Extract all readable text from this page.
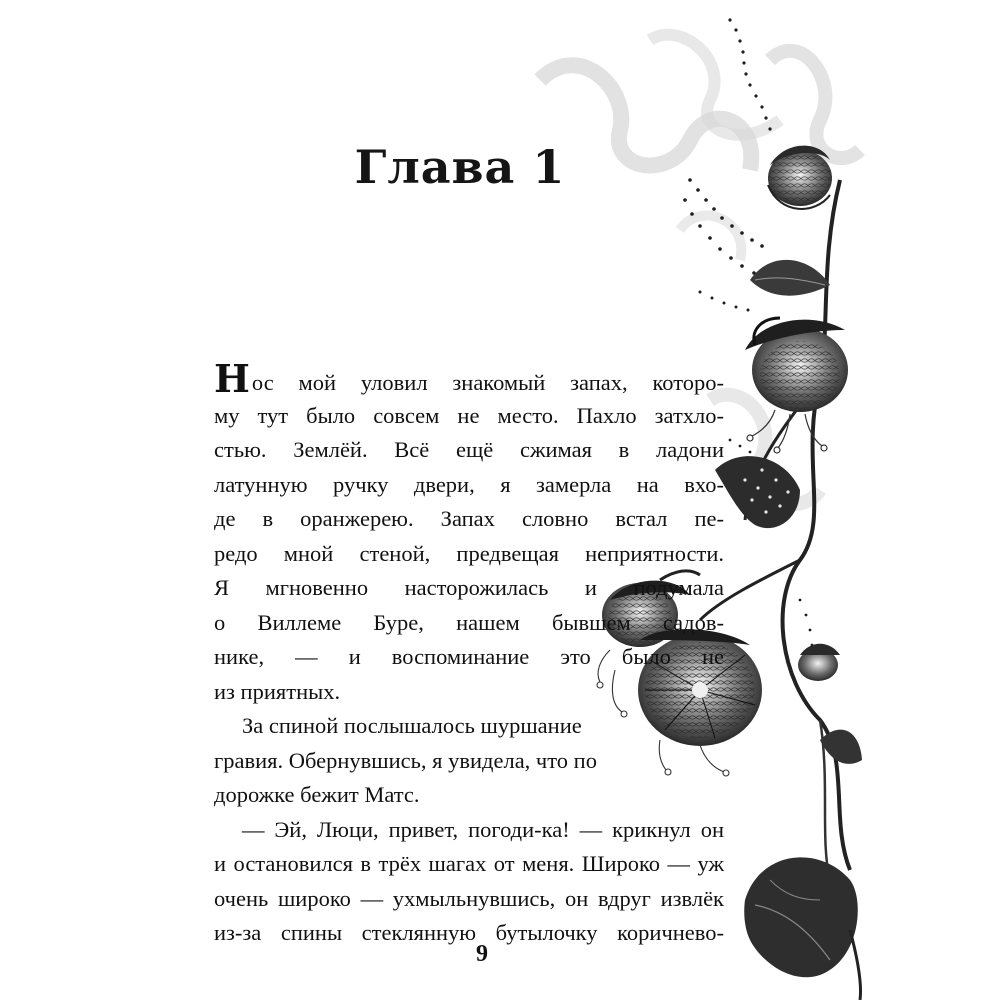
Глава 1
Нос мой уловил знакомый запах, которо-
му тут было совсем не место. Пахло затхло-
стью. Землёй. Всё ещё сжимая в ладони
латунную ручку двери, я замерла на вхо-
де в оранжерею. Запах словно встал пе-
редо мной стеной, предвещая неприятности.
Я мгновенно насторожилась и подумала
о Виллеме Буре, нашем бывшем садов-
нике, — и воспоминание это было не
из приятных.
За спиной послышалось шуршание
гравия. Обернувшись, я увидела, что по
дорожке бежит Матс.
— Эй, Люци, привет, погоди-ка! — крикнул он
и остановился в трёх шагах от меня. Широко — уж
очень широко — ухмыльнувшись, он вдруг извлёк
из-за спины стеклянную бутылочку коричнево-
9
